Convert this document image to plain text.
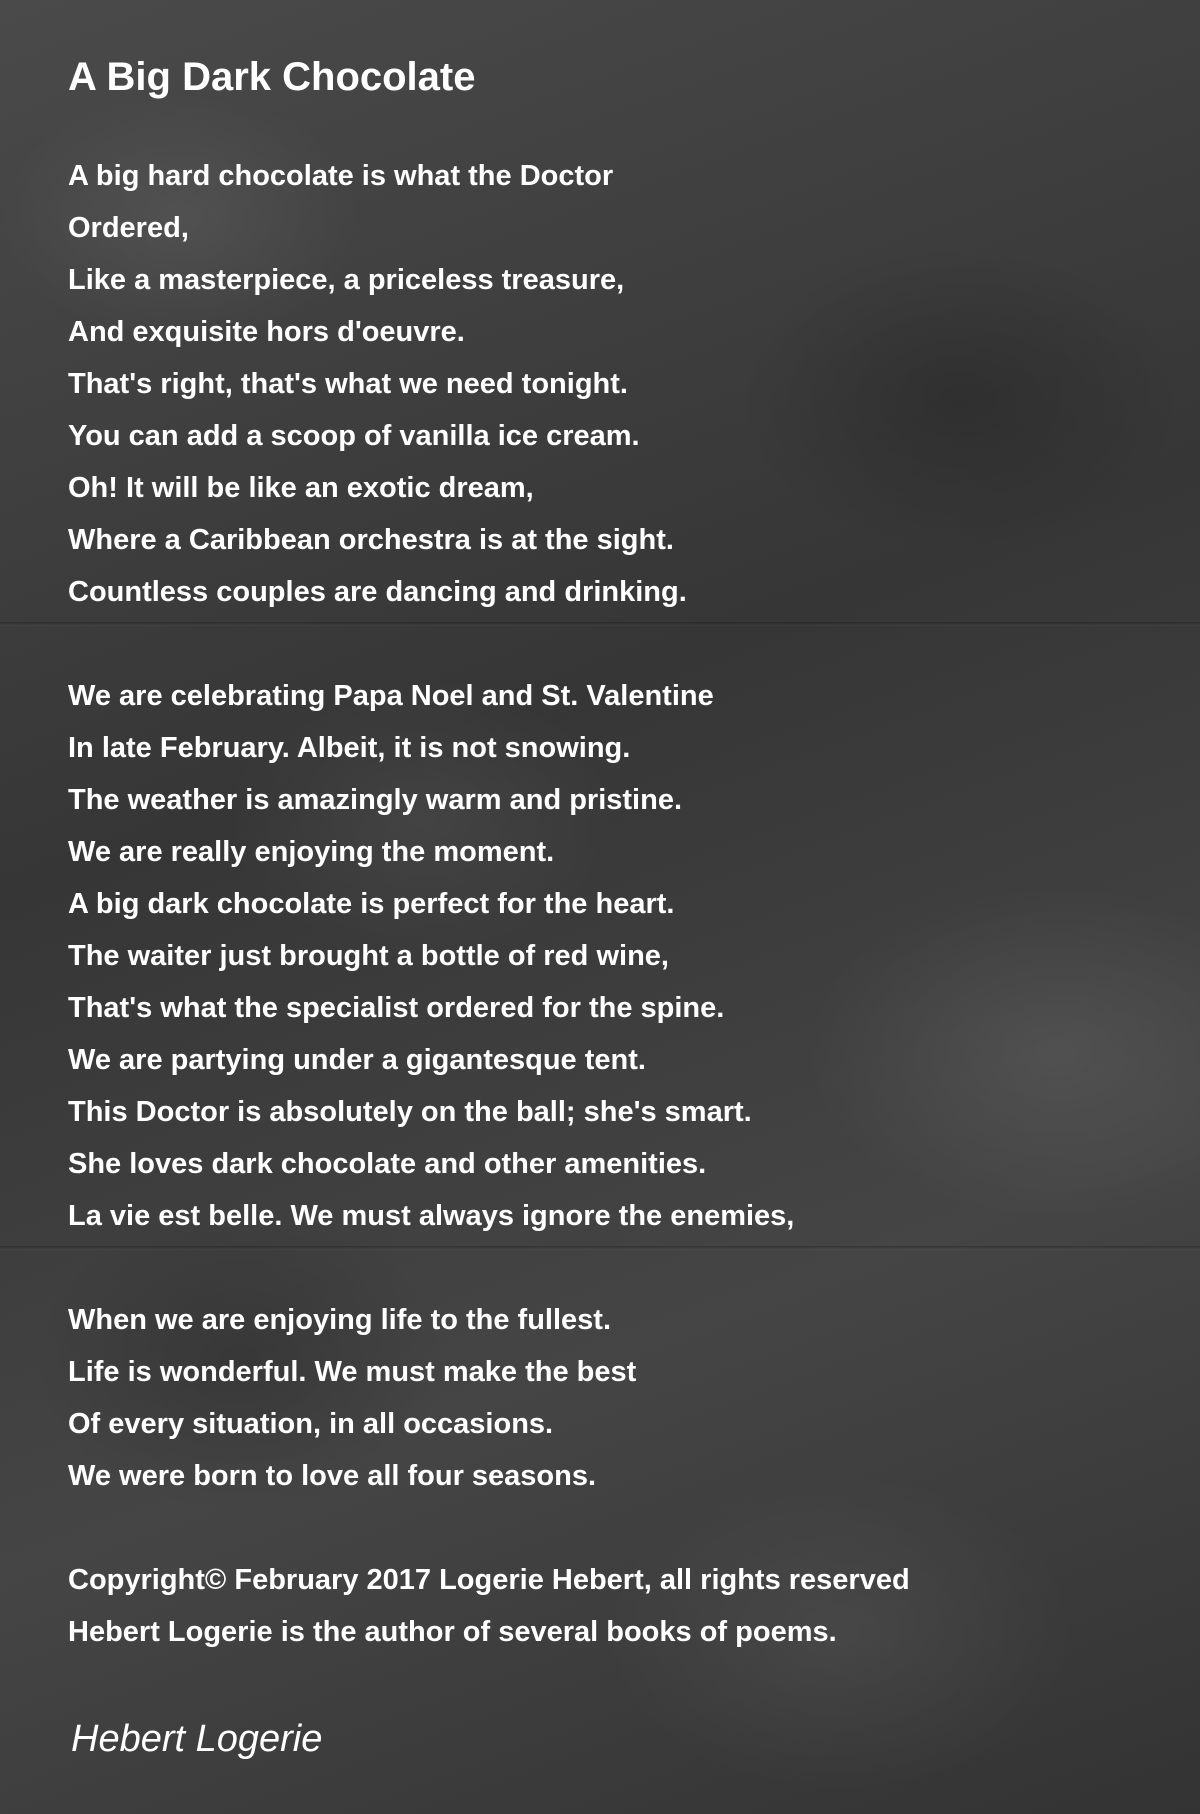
A Big Dark Chocolate
A big hard chocolate is what the Doctor
Ordered,
Like a masterpiece, a priceless treasure,
And exquisite hors d'oeuvre.
That's right, that's what we need tonight.
You can add a scoop of vanilla ice cream.
Oh! It will be like an exotic dream,
Where a Caribbean orchestra is at the sight.
Countless couples are dancing and drinking.
We are celebrating Papa Noel and St. Valentine
In late February. Albeit, it is not snowing.
The weather is amazingly warm and pristine.
We are really enjoying the moment.
A big dark chocolate is perfect for the heart.
The waiter just brought a bottle of red wine,
That's what the specialist ordered for the spine.
We are partying under a gigantesque tent.
This Doctor is absolutely on the ball; she's smart.
She loves dark chocolate and other amenities.
La vie est belle. We must always ignore the enemies,
When we are enjoying life to the fullest.
Life is wonderful. We must make the best
Of every situation, in all occasions.
We were born to love all four seasons.
Copyright© February 2017 Logerie Hebert, all rights reserved
Hebert Logerie is the author of several books of poems.
Hebert Logerie
